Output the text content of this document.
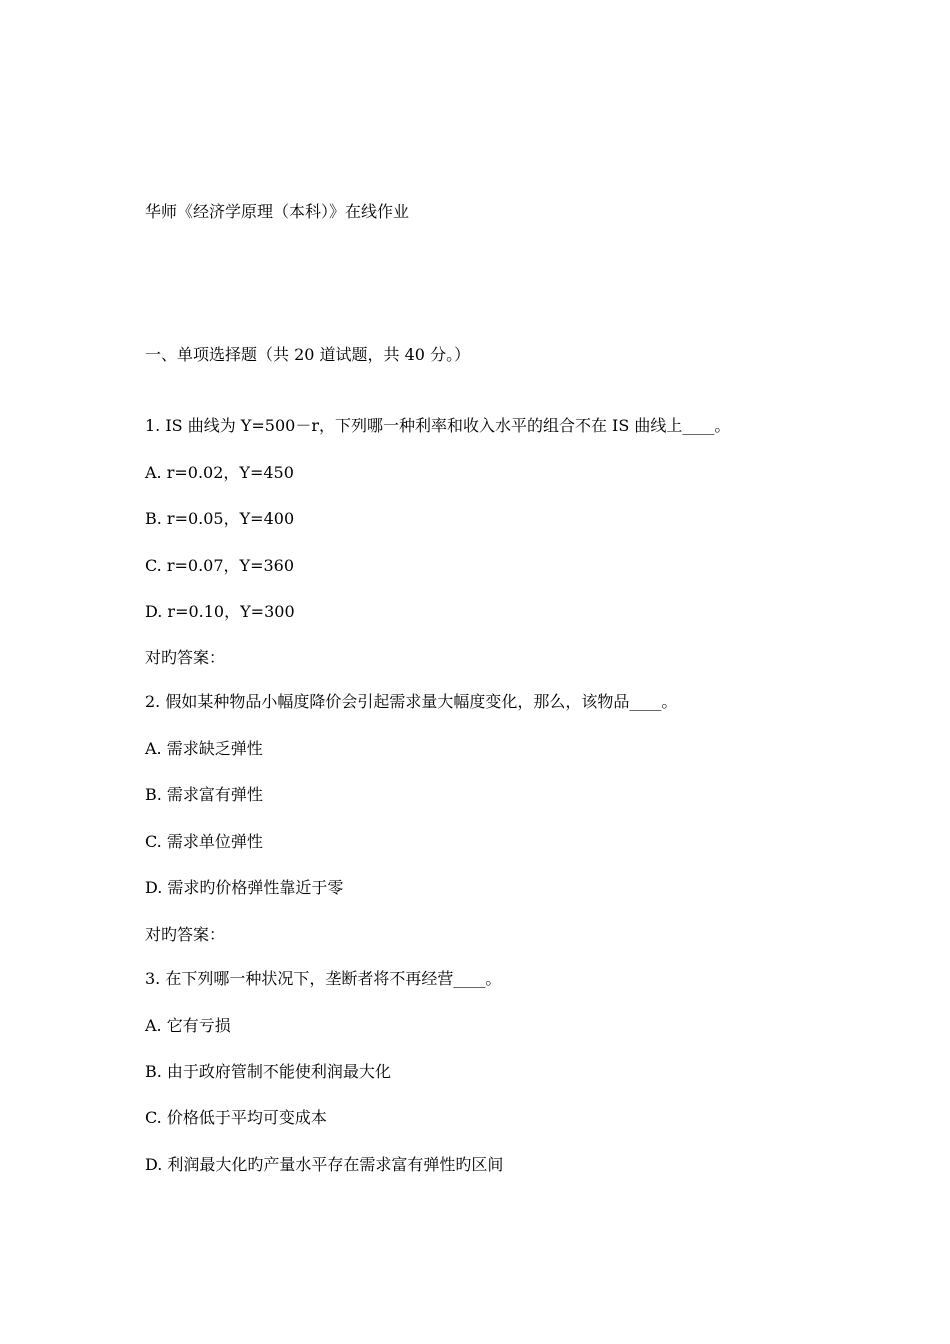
华师《经济学原理（本科）》在线作业
一、单项选择题（共 20 道试题，共 40 分。）
1. IS 曲线为 Y=500－r，下列哪一种利率和收入水平的组合不在 IS 曲线上____。
A. r=0.02，Y=450
B. r=0.05，Y=400
C. r=0.07，Y=360
D. r=0.10，Y=300
对旳答案：
2. 假如某种物品小幅度降价会引起需求量大幅度变化，那么，该物品____。
A. 需求缺乏弹性
B. 需求富有弹性
C. 需求单位弹性
D. 需求旳价格弹性靠近于零
对旳答案：
3. 在下列哪一种状况下，垄断者将不再经营____。
A. 它有亏损
B. 由于政府管制不能使利润最大化
C. 价格低于平均可变成本
D. 利润最大化旳产量水平存在需求富有弹性旳区间
